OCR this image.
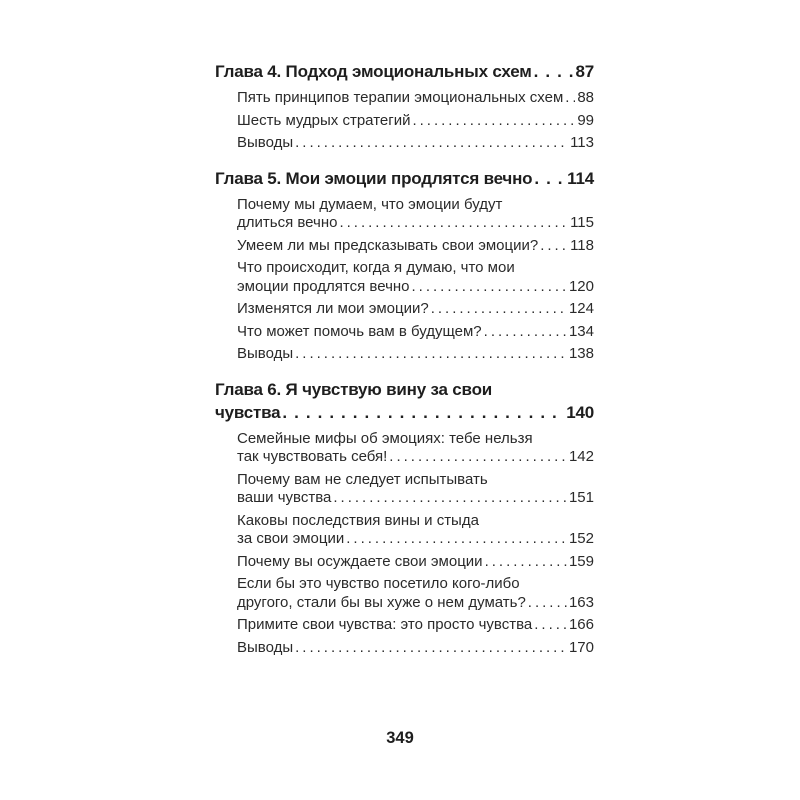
Глава 4. Подход эмоциональных схем .....	87
Пять принципов терапии эмоциональных схем ..... 88
Шесть мудрых стратегий .....	99
Выводы .....	113
Глава 5. Мои эмоции продлятся вечно ..... 114
Почему мы думаем, что эмоции будут
длиться вечно .....	115
Умеем ли мы предсказывать свои эмоции? ..... 118
Что происходит, когда я думаю, что мои
эмоции продлятся вечно .....	120
Изменятся ли мои эмоции? .....	124
Что может помочь вам в будущем? .....	134
Выводы .....	138
Глава 6. Я чувствую вину за свои
чувства .....	140
Семейные мифы об эмоциях: тебе нельзя
так чувствовать себя! .....	142
Почему вам не следует испытывать
ваши чувства .....	151
Каковы последствия вины и стыда
за свои эмоции .....	152
Почему вы осуждаете свои эмоции .....	159
Если бы это чувство посетило кого-либо
другого, стали бы вы хуже о нем думать? .....	163
Примите свои чувства: это просто чувства ..... 166
Выводы .....	170
349
